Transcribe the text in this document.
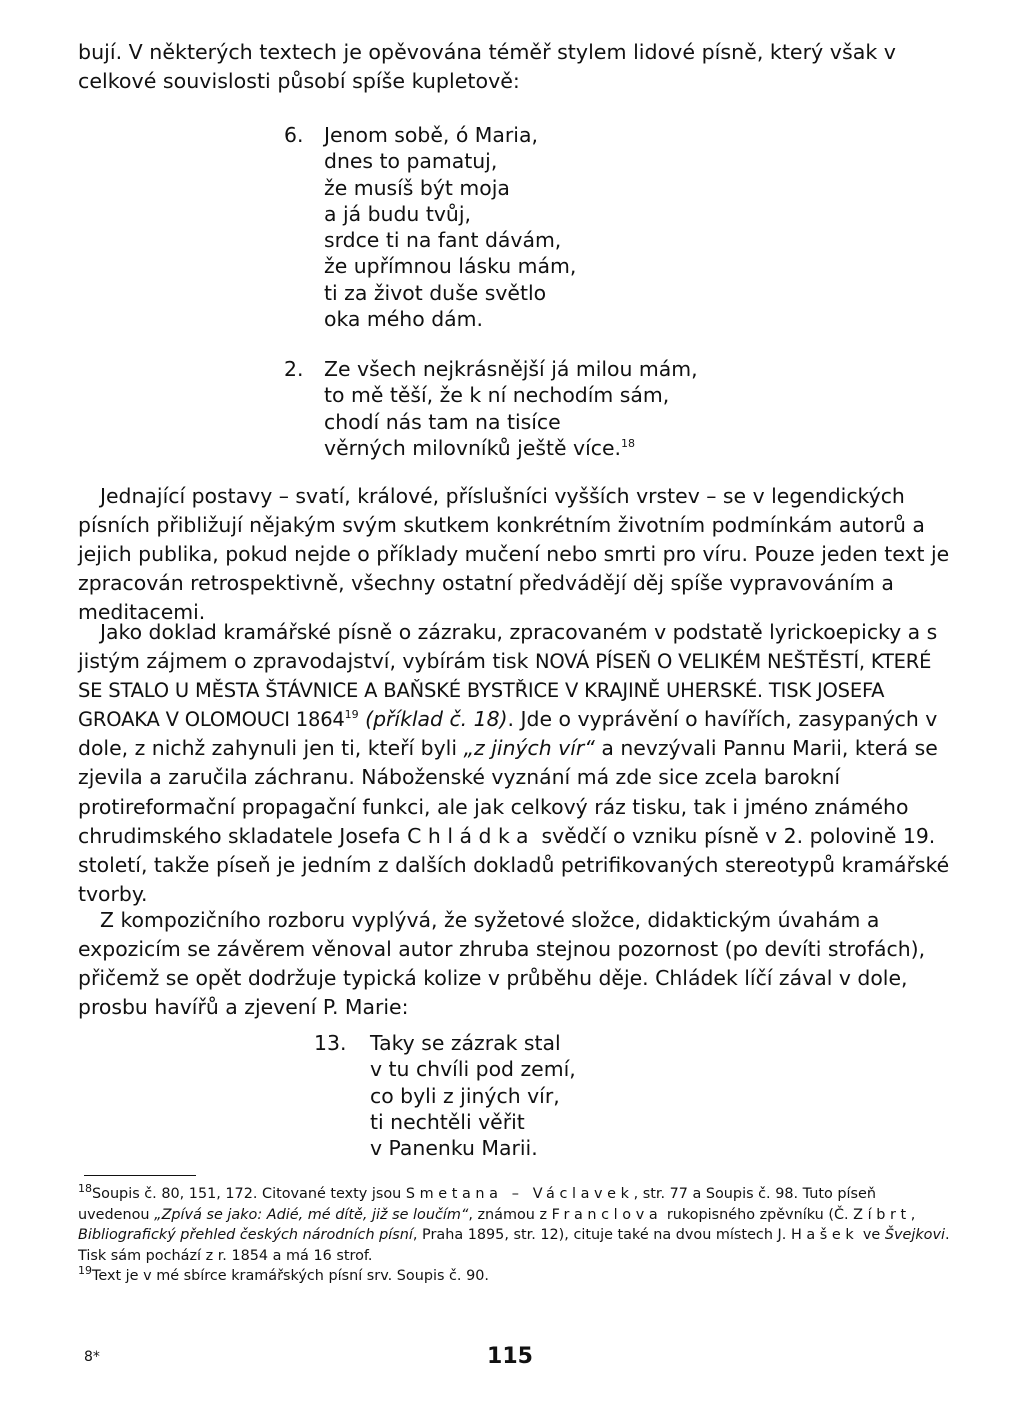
bují. V některých textech je opěvována téměř stylem lidové písně, který však v celkové souvislosti působí spíše kupletově:

6. Jenom sobě, ó Maria,
dnes to pamatuj,
že musíš být moja
a já budu tvůj,
srdce ti na fant dávám,
že upřímnou lásku mám,
ti za život duše světlo
oka mého dám.
2. Ze všech nejkrásnější já milou mám,
to mě těší, že k ní nechodím sám,
chodí nás tam na tisíce
věrných milovníků ještě více.$^{18}$

Jednající postavy – svatí, králové, příslušníci vyšších vrstev – se v legendických písních přibližují nějakým svým skutkem konkrétním životním podmínkám autorů a jejich publika, pokud nejde o příklady mučení nebo smrti pro víru. Pouze jeden text je zpracován retrospektivně, všechny ostatní předvádějí děj spíše vypravováním a meditacemi.

Jako doklad kramářské písně o zázraku, zpracovaném v podstatě lyrickoepicky a s jistým zájmem o zpravodajství, vybírám tisk NOVÁ PÍSEŇ O VELIKÉM NEŠTĚSTÍ, KTERÉ SE STALO U MĚSTA ŠTÁVNICE A BAŇSKÉ BYSTŘICE V KRAJINĚ UHERSKÉ. TISK JOSEFA GROAKA V OLOMOUCI 1864$^{19}$ (příklad č. 18). Jde o vyprávění o havířích, zasypaných v dole, z nichž zahynuli jen ti, kteří byli „z jiných vír“ a nevzývali Pannu Marii, která se zjevila a zaručila záchranu. Náboženské vyznání má zde sice zcela barokní protireformační propagační funkci, ale jak celkový ráz tisku, tak i jméno známého chrudimského skladatele Josefa Chládka svědčí o vzniku písně v 2. polovině 19. století, takže píseň je jedním z dalších dokladů petrifikovaných stereotypů kramářské tvorby.

Z kompozičního rozboru vyplývá, že syžetové složce, didaktickým úvahám a expozicím se závěrem věnoval autor zhruba stejnou pozornost (po devíti strofách), přičemž se opět dodržuje typická kolize v průběhu děje. Chládek líčí zával v dole, prosbu havířů a zjevení P. Marie:

13. Taky se zázrak stal
v tu chvíli pod zemí,
co byli z jiných vír,
ti nechtěli věřit
v Panenku Marii.
$^{18}$Soupis č. 80, 151, 172. Citované texty jsou Smetana – Václavek, str. 77 a Soupis č. 98. Tuto píseň uvedenou „Zpívá se jako: Adié, mé dítě, již se loučím“, známou z Franclova rukopisného zpěvníku (Č. Zíbrt, Bibliografický přehled českých národních písní, Praha 1895, str. 12), cituje také na dvou místech J. Hašek ve Švejkovi. Tisk sám pochází z r. 1854 a má 16 strof.
$^{19}$Text je v mé sbírce kramářských písní srv. Soupis č. 90.
8*	115
